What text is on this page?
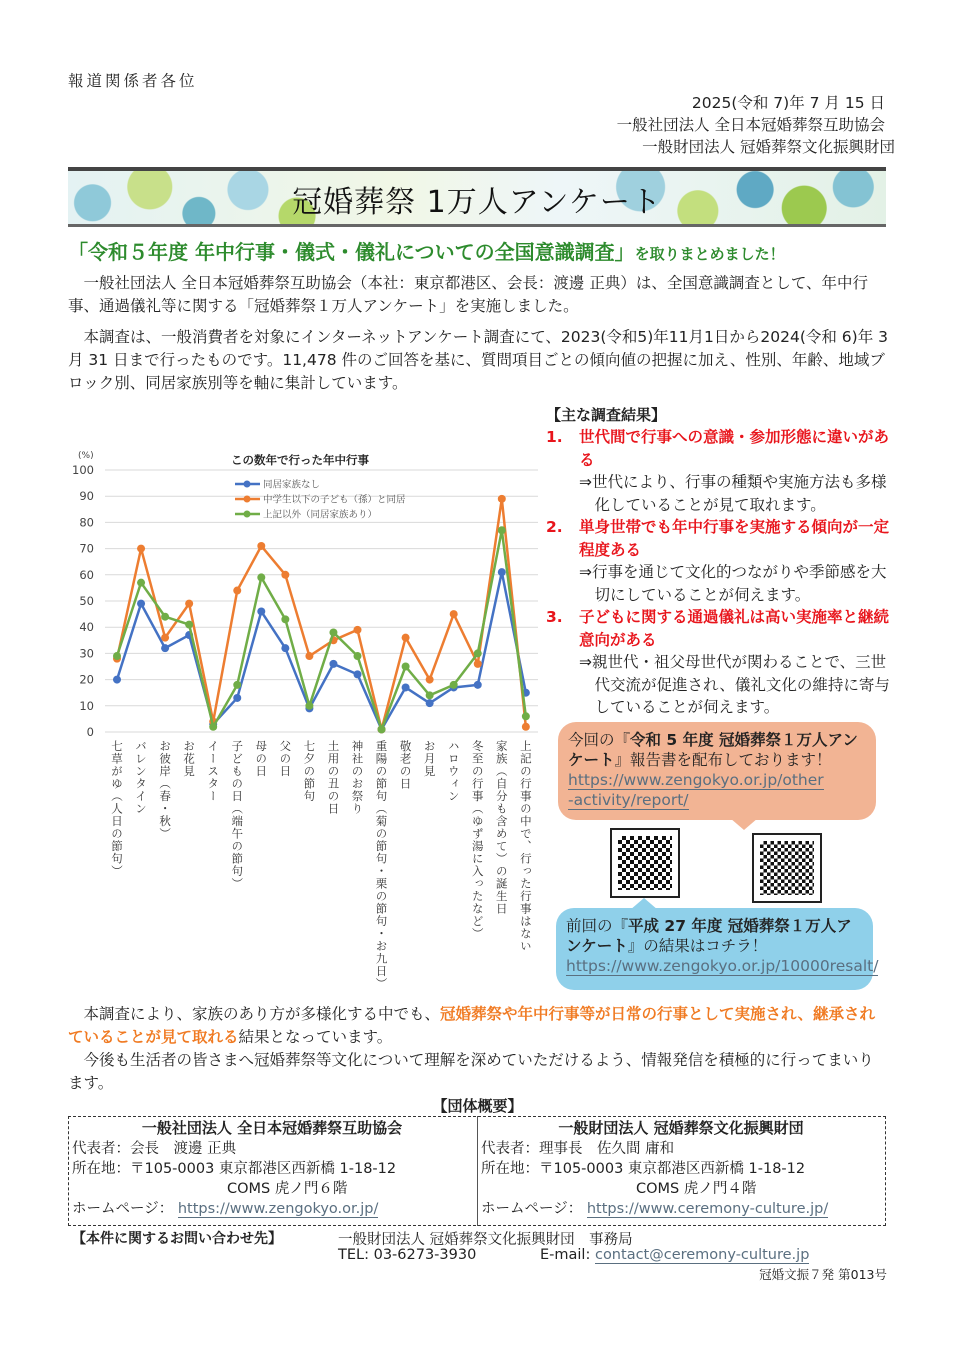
報道関係者各位
2025(令和 7)年 7 月 15 日
一般社団法人 全日本冠婚葬祭互助協会
一般財団法人 冠婚葬祭文化振興財団
冠婚葬祭 1万人アンケート
「令和５年度 年中行事・儀式・儀礼についての全国意識調査」を取りまとめました！
一般社団法人 全日本冠婚葬祭互助協会（本社：東京都港区、会長：渡邊 正典）は、全国意識調査として、年中行事、通過儀礼等に関する「冠婚葬祭１万人アンケート」を実施しました。
本調査は、一般消費者を対象にインターネットアンケート調査にて、2023(令和5)年11月1日から2024(令和 6)年 3 月 31 日まで行ったものです。11,478 件のご回答を基に、質問項目ごとの傾向値の把握に加え、性別、年齢、地域ブロック別、同居家族別等を軸に集計しています。
0
10
20
30
40
50
60
70
80
90
100
(%)	この数年で行った年中行事
同居家族なし
中学生以下の子ども（孫）と同居
上記以外（同居家族あり）
七草がゆ（人日の節句） バレンタイン お彼岸（春・秋） お花見 イースター 子どもの日（端午の節句） 母の日 父の日 七夕の節句 土用の丑の日 神社のお祭り 重陽の節句（菊の節句・栗の節句・お九日） 敬老の日 お月見 ハロウィン 冬至の行事（ゆず湯に入ったなど） 家族（自分も含めて）の誕生日 上記の行事の中で、行った行事はない
【主な調査結果】
1.	世代間で行事への意識・参加形態に違いがある
⇒世代により、行事の種類や実施方法も多様化していることが見て取れます。
2.	単身世帯でも年中行事を実施する傾向が一定程度ある
⇒行事を通じて文化的つながりや季節感を大切にしていることが伺えます。
3.	子どもに関する通過儀礼は高い実施率と継続意向がある
⇒親世代・祖父母世代が関わることで、三世代交流が促進され、儀礼文化の維持に寄与していることが伺えます。
今回の『令和 5 年度 冠婚葬祭１万人アンケート』報告書を配布しております！
https://www.zengokyo.or.jp/other-activity/report/
前回の『平成 27 年度 冠婚葬祭１万人アンケート』の結果はコチラ！
https://www.zengokyo.or.jp/10000resalt/
本調査により、家族のあり方が多様化する中でも、冠婚葬祭や年中行事等が日常の行事として実施され、継承されていることが見て取れる結果となっています。
今後も生活者の皆さまへ冠婚葬祭等文化について理解を深めていただけるよう、情報発信を積極的に行ってまいります。
【団体概要】
一般社団法人 全日本冠婚葬祭互助協会
代表者：会長　渡邊 正典
所在地：〒105-0003 東京都港区西新橋 1-18-12
COMS 虎ノ門６階
ホームページ： https://www.zengokyo.or.jp/
一般財団法人 冠婚葬祭文化振興財団
代表者：理事長　佐久間 庸和
所在地：〒105-0003 東京都港区西新橋 1-18-12
COMS 虎ノ門４階
ホームページ： https://www.ceremony-culture.jp/
【本件に関するお問い合わせ先】	一般財団法人 冠婚葬祭文化振興財団　事務局
TEL: 03-6273-3930	E-mail: contact@ceremony-culture.jp
冠婚文振７発 第013号
